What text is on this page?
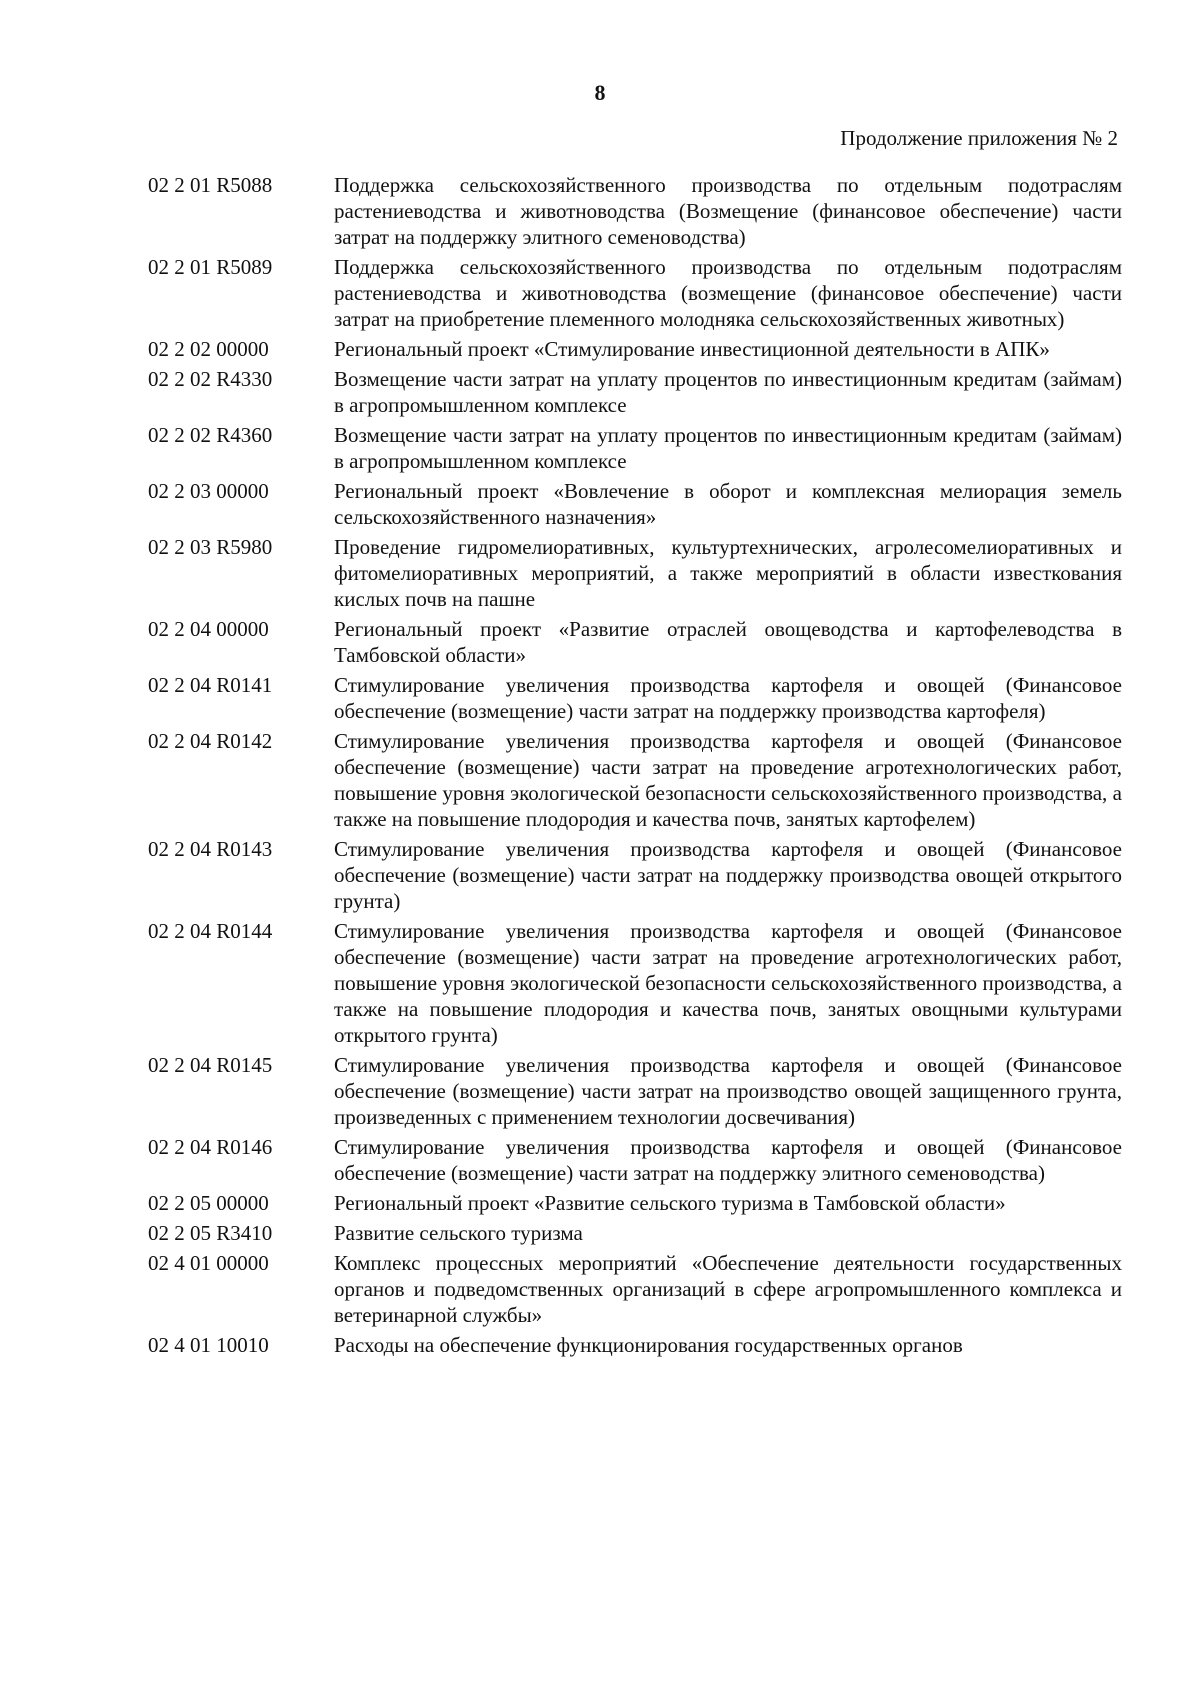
8
Продолжение приложения № 2
02 2 01 R5088	Поддержка сельскохозяйственного производства по отдельным подотраслям растениеводства и животноводства (Возмещение (финансовое обеспечение) части затрат на поддержку элитного семеноводства)
02 2 01 R5089	Поддержка сельскохозяйственного производства по отдельным подотраслям растениеводства и животноводства (возмещение (финансовое обеспечение) части затрат на приобретение племенного молодняка сельскохозяйственных животных)
02 2 02 00000	Региональный проект «Стимулирование инвестиционной деятельности в АПК»
02 2 02 R4330	Возмещение части затрат на уплату процентов по инвестиционным кредитам (займам) в агропромышленном комплексе
02 2 02 R4360	Возмещение части затрат на уплату процентов по инвестиционным кредитам (займам) в агропромышленном комплексе
02 2 03 00000	Региональный проект «Вовлечение в оборот и комплексная мелиорация земель сельскохозяйственного назначения»
02 2 03 R5980	Проведение гидромелиоративных, культуртехнических, агролесомелиоративных и фитомелиоративных мероприятий, а также мероприятий в области известкования кислых почв на пашне
02 2 04 00000	Региональный проект «Развитие отраслей овощеводства и картофелеводства в Тамбовской области»
02 2 04 R0141	Стимулирование увеличения производства картофеля и овощей (Финансовое обеспечение (возмещение) части затрат на поддержку производства картофеля)
02 2 04 R0142	Стимулирование увеличения производства картофеля и овощей (Финансовое обеспечение (возмещение) части затрат на проведение агротехнологических работ, повышение уровня экологической безопасности сельскохозяйственного производства, а также на повышение плодородия и качества почв, занятых картофелем)
02 2 04 R0143	Стимулирование увеличения производства картофеля и овощей (Финансовое обеспечение (возмещение) части затрат на поддержку производства овощей открытого грунта)
02 2 04 R0144	Стимулирование увеличения производства картофеля и овощей (Финансовое обеспечение (возмещение) части затрат на проведение агротехнологических работ, повышение уровня экологической безопасности сельскохозяйственного производства, а также на повышение плодородия и качества почв, занятых овощными культурами открытого грунта)
02 2 04 R0145	Стимулирование увеличения производства картофеля и овощей (Финансовое обеспечение (возмещение) части затрат на производство овощей защищенного грунта, произведенных с применением технологии досвечивания)
02 2 04 R0146	Стимулирование увеличения производства картофеля и овощей (Финансовое обеспечение (возмещение) части затрат на поддержку элитного семеноводства)
02 2 05 00000	Региональный проект «Развитие сельского туризма в Тамбовской области»
02 2 05 R3410	Развитие сельского туризма
02 4 01 00000	Комплекс процессных мероприятий «Обеспечение деятельности государственных органов и подведомственных организаций в сфере агропромышленного комплекса и ветеринарной службы»
02 4 01 10010	Расходы на обеспечение функционирования государственных органов
